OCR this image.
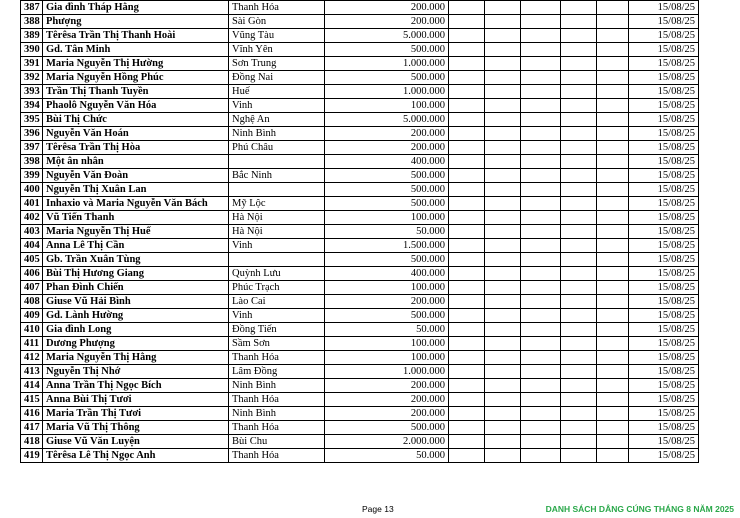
387	Gia đình Tháp Hằng	Thanh Hóa	200.000						15/08/25
388	Phượng	Sài Gòn	200.000						15/08/25
389	Têrêsa Trần Thị Thanh Hoài	Vũng Tàu	5.000.000						15/08/25
390	Gd. Tân Minh	Vĩnh Yên	500.000						15/08/25
391	Maria Nguyễn Thị Hường	Sơn Trung	1.000.000						15/08/25
392	Maria Nguyễn Hồng Phúc	Đồng Nai	500.000						15/08/25
393	Trần Thị Thanh Tuyền	Huế	1.000.000						15/08/25
394	Phaolô Nguyễn Văn Hóa	Vinh	100.000						15/08/25
395	Bùi Thị Chức	Nghệ An	5.000.000						15/08/25
396	Nguyễn Văn Hoán	Ninh Bình	200.000						15/08/25
397	Têrêsa Trần Thị Hòa	Phú Châu	200.000						15/08/25
398	Một ân nhân		400.000						15/08/25
399	Nguyễn Văn Đoàn	Bắc Ninh	500.000						15/08/25
400	Nguyễn Thị Xuân Lan		500.000						15/08/25
401	Inhaxio và Maria Nguyễn Văn Bách	Mỹ Lộc	500.000						15/08/25
402	Vũ Tiến Thanh	Hà Nội	100.000						15/08/25
403	Maria Nguyễn Thị Huế	Hà Nội	50.000						15/08/25
404	Anna Lê Thị Cần	Vinh	1.500.000						15/08/25
405	Gb. Trần Xuân Tùng		500.000						15/08/25
406	Bùi Thị Hương Giang	Quỳnh Lưu	400.000						15/08/25
407	Phan Đình Chiến	Phúc Trạch	100.000						15/08/25
408	Giuse Vũ Hải Bình	Lào Cai	200.000						15/08/25
409	Gd. Lành Hường	Vinh	500.000						15/08/25
410	Gia đình Long	Đồng Tiến	50.000						15/08/25
411	Dương Phượng	Sầm Sơn	100.000						15/08/25
412	Maria Nguyễn Thị Hằng	Thanh Hóa	100.000						15/08/25
413	Nguyễn Thị Nhớ	Lâm Đồng	1.000.000						15/08/25
414	Anna Trần Thị Ngọc Bích	Ninh Bình	200.000						15/08/25
415	Anna Bùi Thị Tươi	Thanh Hóa	200.000						15/08/25
416	Maria Trần Thị Tươi	Ninh Bình	200.000						15/08/25
417	Maria Vũ Thị Thông	Thanh Hóa	500.000						15/08/25
418	Giuse Vũ Văn Luyện	Bùi Chu	2.000.000						15/08/25
419	Têrêsa Lê Thị Ngọc Anh	Thanh Hóa	50.000						15/08/25
Page 13	DANH SÁCH DÂNG CÚNG THÁNG 8 NĂM 2025
